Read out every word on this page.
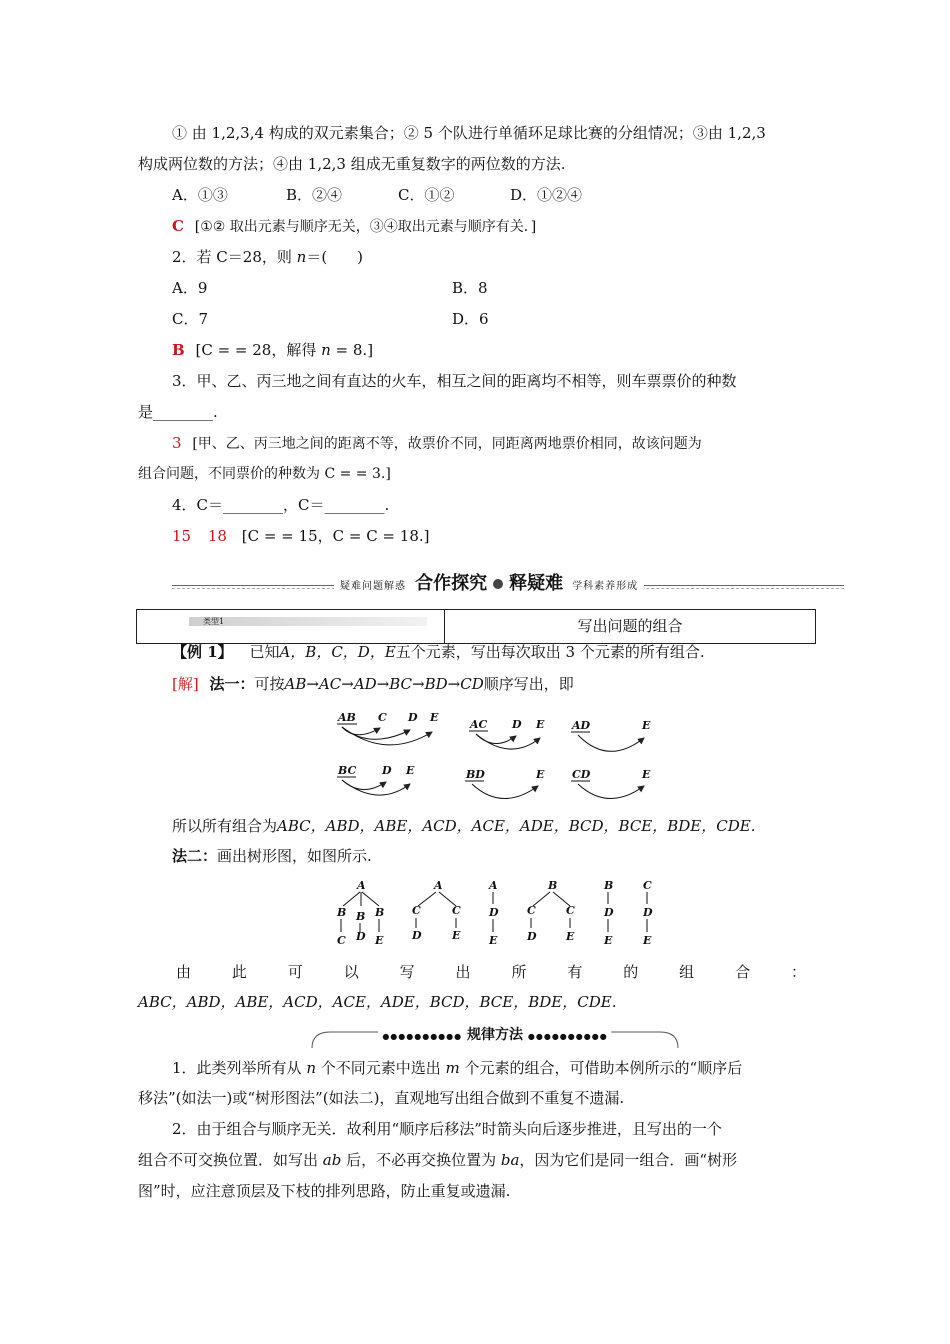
① 由 1,2,3,4 构成的双元素集合；② 5 个队进行单循环足球比赛的分组情况；③由 1,2,3
构成两位数的方法；④由 1,2,3 组成无重复数字的两位数的方法.
A．①③	B．②④	C．①②	D．①②④
C [①② 取出元素与顺序无关，③④取出元素与顺序有关．]
2．若 C＝28，则 n＝(　　)
A．9	B．8
C．7	D．6
B [C = = 28，解得 n = 8.]
3．甲、乙、丙三地之间有直达的火车，相互之间的距离均不相等，则车票票价的种数
是________.
3 [甲、乙、丙三地之间的距离不等，故票价不同，同距离两地票价相同，故该问题为
组合问题，不同票价的种数为 C = = 3.]
4．C＝________，C＝________.
15 18 [C = = 15，C = C = 18.]
疑难问题解惑 合作探究 释疑难 学科素养形成
类型1	写出问题的组合
【例 1】 已知A，B，C，D，E五个元素，写出每次取出 3 个元素的所有组合.
[解] 法一：可按AB→AC→AD→BC→BD→CD顺序写出，即
AB C D E
AC D E	AD	E
BC D E	BD	E	CD	E
所以所有组合为ABC，ABD，ABE，ACD，ACE，ADE，BCD，BCE，BDE，CDE.
法二：画出树形图，如图所示.
A
B B B
C D E
A
C	C
D	E
A
D
E
B
C	C
D	E
B
D
E
C
D
E
由	此	可	以	写	出	所	有	的	组	合	：
ABC，ABD，ABE，ACD，ACE，ADE，BCD，BCE，BDE，CDE.
●●●●●●●●●● 规律方法 ●●●●●●●●●●
1．此类列举所有从 n 个不同元素中选出 m 个元素的组合，可借助本例所示的“顺序后
移法”(如法一)或“树形图法”(如法二)，直观地写出组合做到不重复不遗漏.
2．由于组合与顺序无关．故利用“顺序后移法”时箭头向后逐步推进，且写出的一个
组合不可交换位置．如写出 ab 后，不必再交换位置为 ba，因为它们是同一组合．画“树形
图”时，应注意顶层及下枝的排列思路，防止重复或遗漏.
